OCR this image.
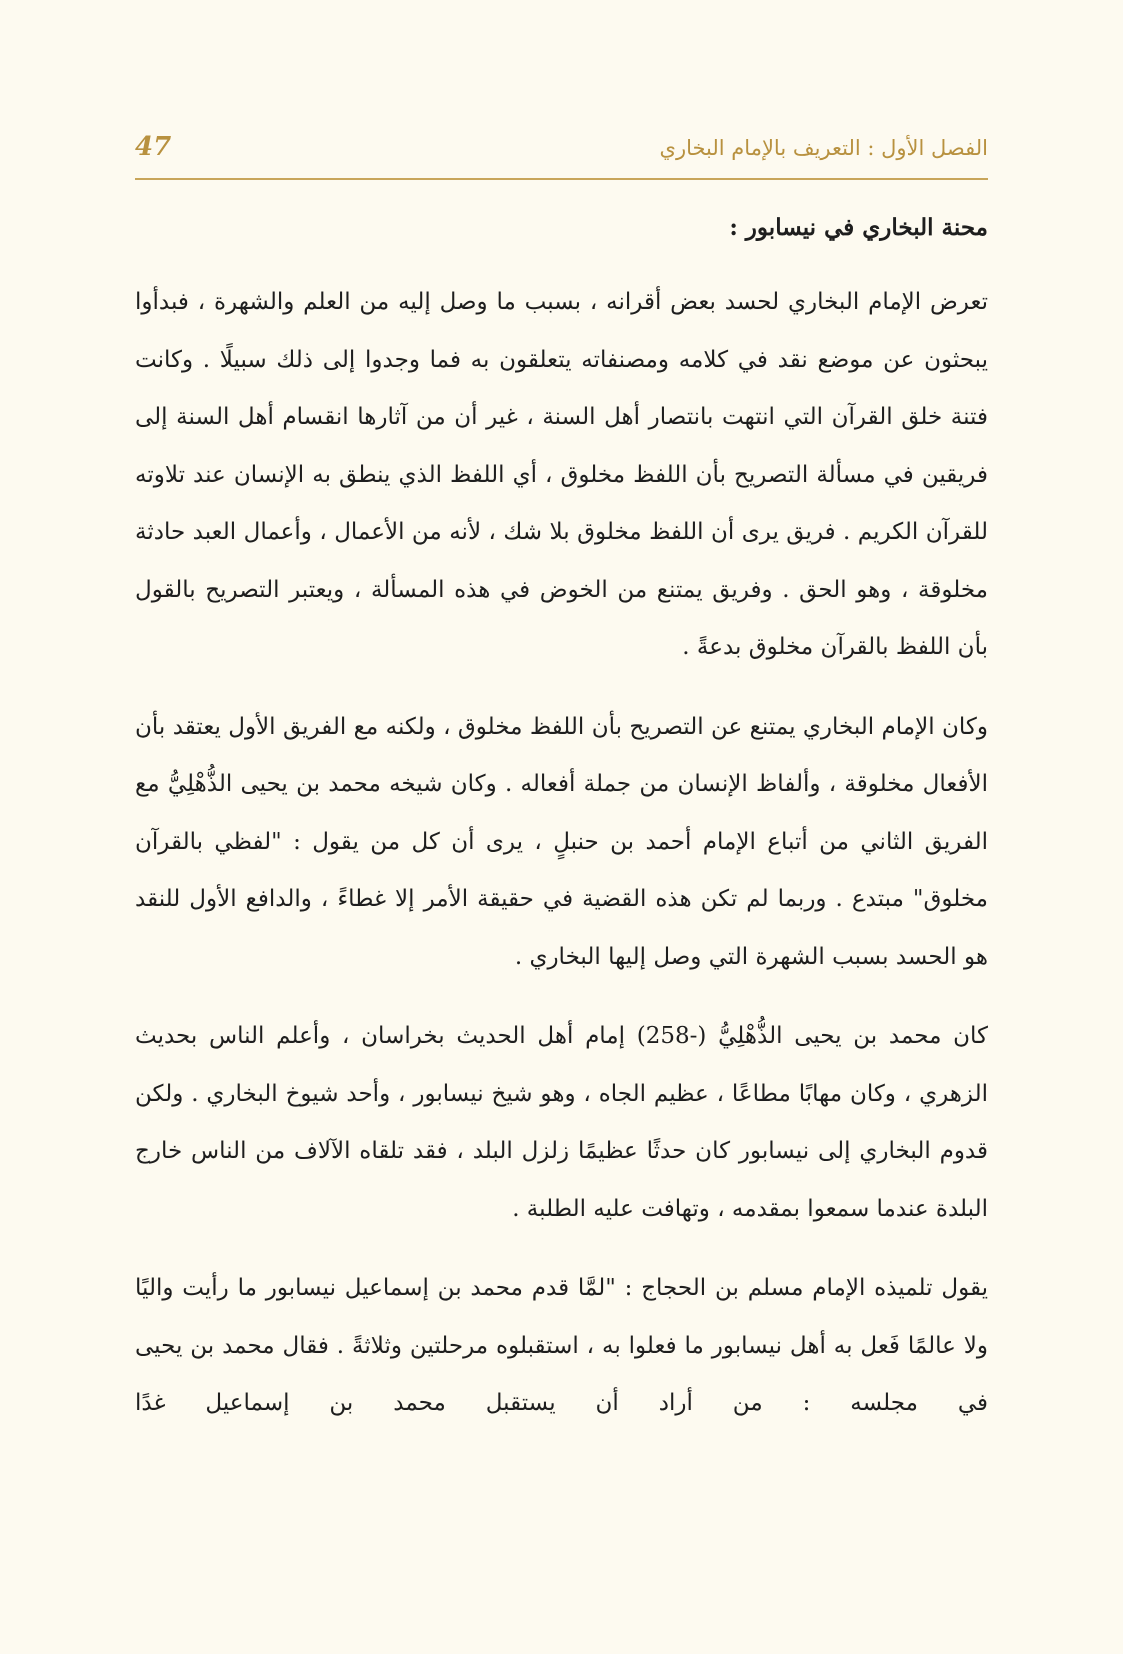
الفصل الأول : التعريف بالإمام البخاري
47
محنة البخاري في نيسابور :

تعرض الإمام البخاري لحسد بعض أقرانه ، بسبب ما وصل إليه من العلم والشهرة ، فبدأوا يبحثون عن موضع نقد في كلامه ومصنفاته يتعلقون به فما وجدوا إلى ذلك سبيلًا . وكانت فتنة خلق القرآن التي انتهت بانتصار أهل السنة ، غير أن من آثارها انقسام أهل السنة إلى فريقين في مسألة التصريح بأن اللفظ مخلوق ، أي اللفظ الذي ينطق به الإنسان عند تلاوته للقرآن الكريم . فريق يرى أن اللفظ مخلوق بلا شك ، لأنه من الأعمال ، وأعمال العبد حادثة مخلوقة ، وهو الحق . وفريق يمتنع من الخوض في هذه المسألة ، ويعتبر التصريح بالقول بأن اللفظ بالقرآن مخلوق بدعةً .

وكان الإمام البخاري يمتنع عن التصريح بأن اللفظ مخلوق ، ولكنه مع الفريق الأول يعتقد بأن الأفعال مخلوقة ، وألفاظ الإنسان من جملة أفعاله . وكان شيخه محمد بن يحيى الذُّهْلِيُّ مع الفريق الثاني من أتباع الإمام أحمد بن حنبلٍ ، يرى أن كل من يقول : "لفظي بالقرآن مخلوق" مبتدع . وربما لم تكن هذه القضية في حقيقة الأمر إلا غطاءً ، والدافع الأول للنقد هو الحسد بسبب الشهرة التي وصل إليها البخاري .

كان محمد بن يحيى الذُّهْلِيُّ (-258) إمام أهل الحديث بخراسان ، وأعلم الناس بحديث الزهري ، وكان مهابًا مطاعًا ، عظيم الجاه ، وهو شيخ نيسابور ، وأحد شيوخ البخاري . ولكن قدوم البخاري إلى نيسابور كان حدثًا عظيمًا زلزل البلد ، فقد تلقاه الآلاف من الناس خارج البلدة عندما سمعوا بمقدمه ، وتهافت عليه الطلبة .

يقول تلميذه الإمام مسلم بن الحجاج : "لمَّا قدم محمد بن إسماعيل نيسابور ما رأيت واليًا ولا عالمًا فَعل به أهل نيسابور ما فعلوا به ، استقبلوه مرحلتين وثلاثةً . فقال محمد بن يحيى في مجلسه : من أراد أن يستقبل محمد بن إسماعيل غدًا
